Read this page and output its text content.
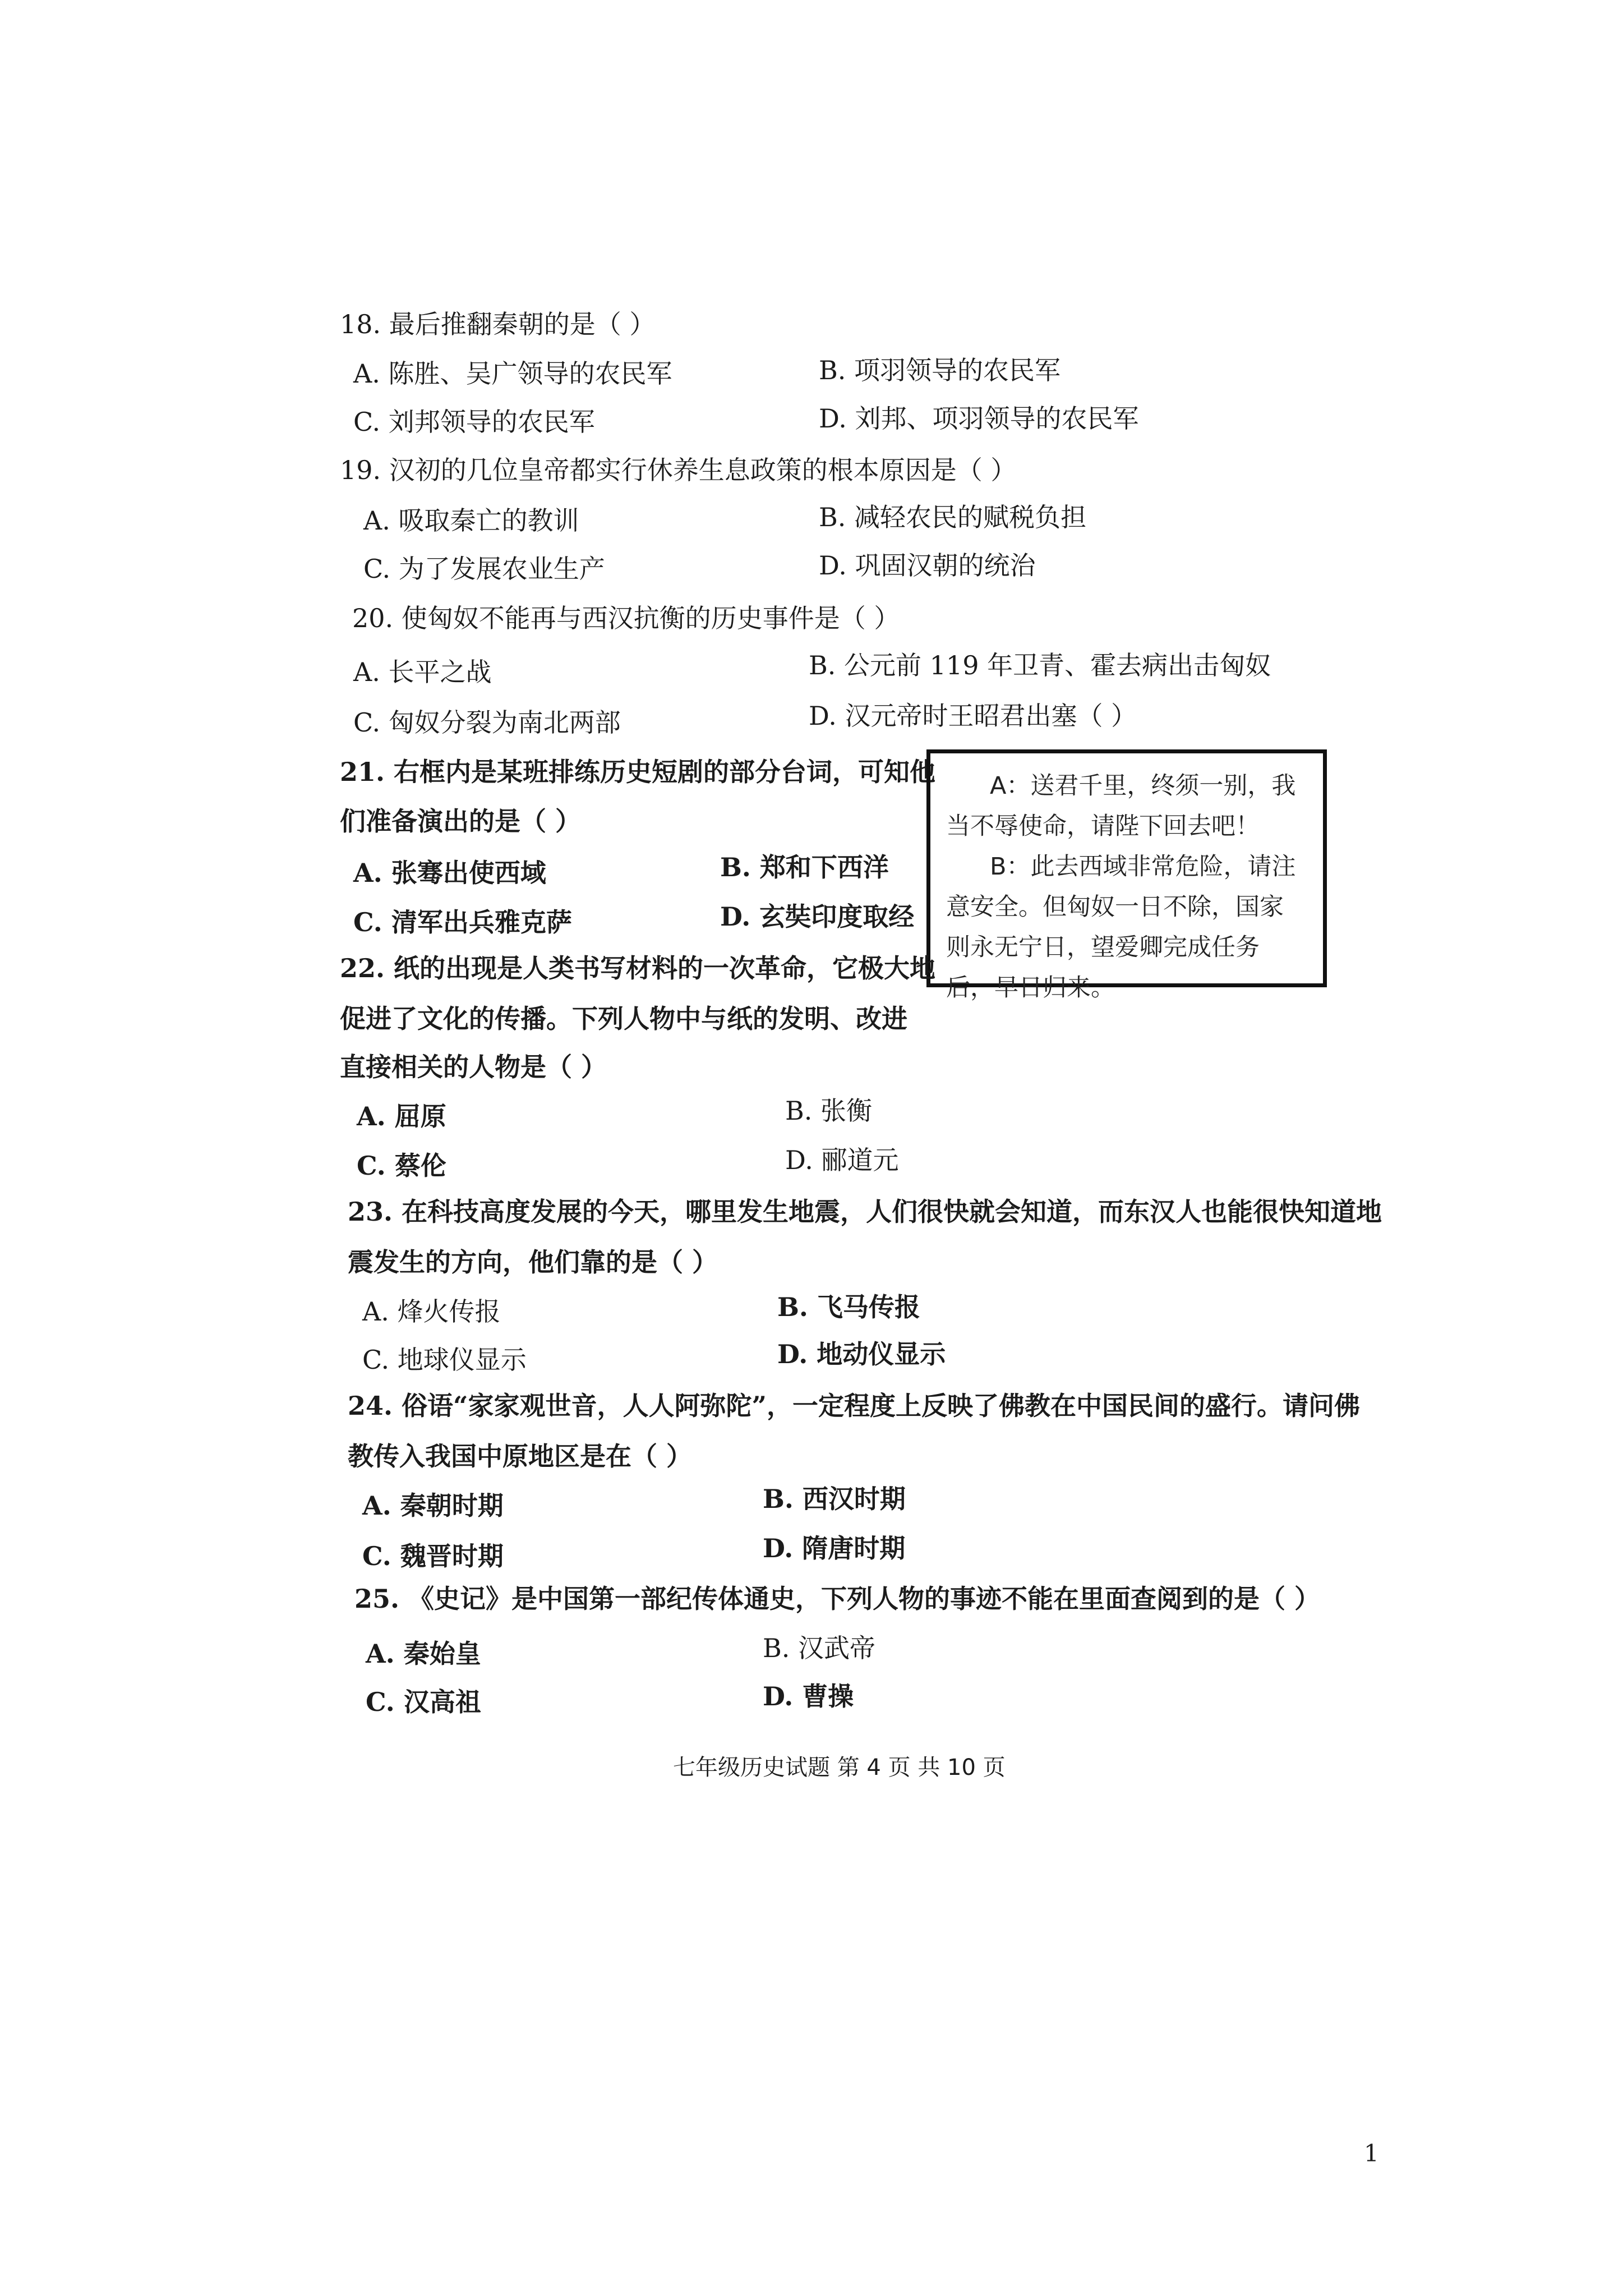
18. 最后推翻秦朝的是（ ）
A. 陈胜、吴广领导的农民军	B. 项羽领导的农民军
C. 刘邦领导的农民军	D. 刘邦、项羽领导的农民军
19. 汉初的几位皇帝都实行休养生息政策的根本原因是（ ）
A. 吸取秦亡的教训	B. 减轻农民的赋税负担
C. 为了发展农业生产	D. 巩固汉朝的统治
20. 使匈奴不能再与西汉抗衡的历史事件是（ ）
A. 长平之战	B. 公元前 119 年卫青、霍去病出击匈奴
C. 匈奴分裂为南北两部	D. 汉元帝时王昭君出塞（ ）
21. 右框内是某班排练历史短剧的部分台词，可知他
们准备演出的是（ ）
A. 张骞出使西域	B. 郑和下西洋
C. 清军出兵雅克萨	D. 玄奘印度取经

A：送君千里，终须一别，我当不辱使命，请陛下回去吧！

B：此去西域非常危险，请注意安全。但匈奴一日不除，国家则永无宁日，望爱卿完成任务后，早日归来。

22. 纸的出现是人类书写材料的一次革命，它极大地
促进了文化的传播。下列人物中与纸的发明、改进
直接相关的人物是（ ）
A. 屈原	B. 张衡
C. 蔡伦	D. 郦道元
23. 在科技高度发展的今天，哪里发生地震，人们很快就会知道，而东汉人也能很快知道地
震发生的方向，他们靠的是（ ）
A. 烽火传报	B. 飞马传报
C. 地球仪显示	D. 地动仪显示
24. 俗语“家家观世音，人人阿弥陀”，一定程度上反映了佛教在中国民间的盛行。请问佛
教传入我国中原地区是在（ ）
A. 秦朝时期	B. 西汉时期
C. 魏晋时期	D. 隋唐时期
25. 《史记》是中国第一部纪传体通史，下列人物的事迹不能在里面查阅到的是（ ）
A. 秦始皇	B. 汉武帝
C. 汉高祖	D. 曹操
七年级历史试题 第 4 页 共 10 页
1
